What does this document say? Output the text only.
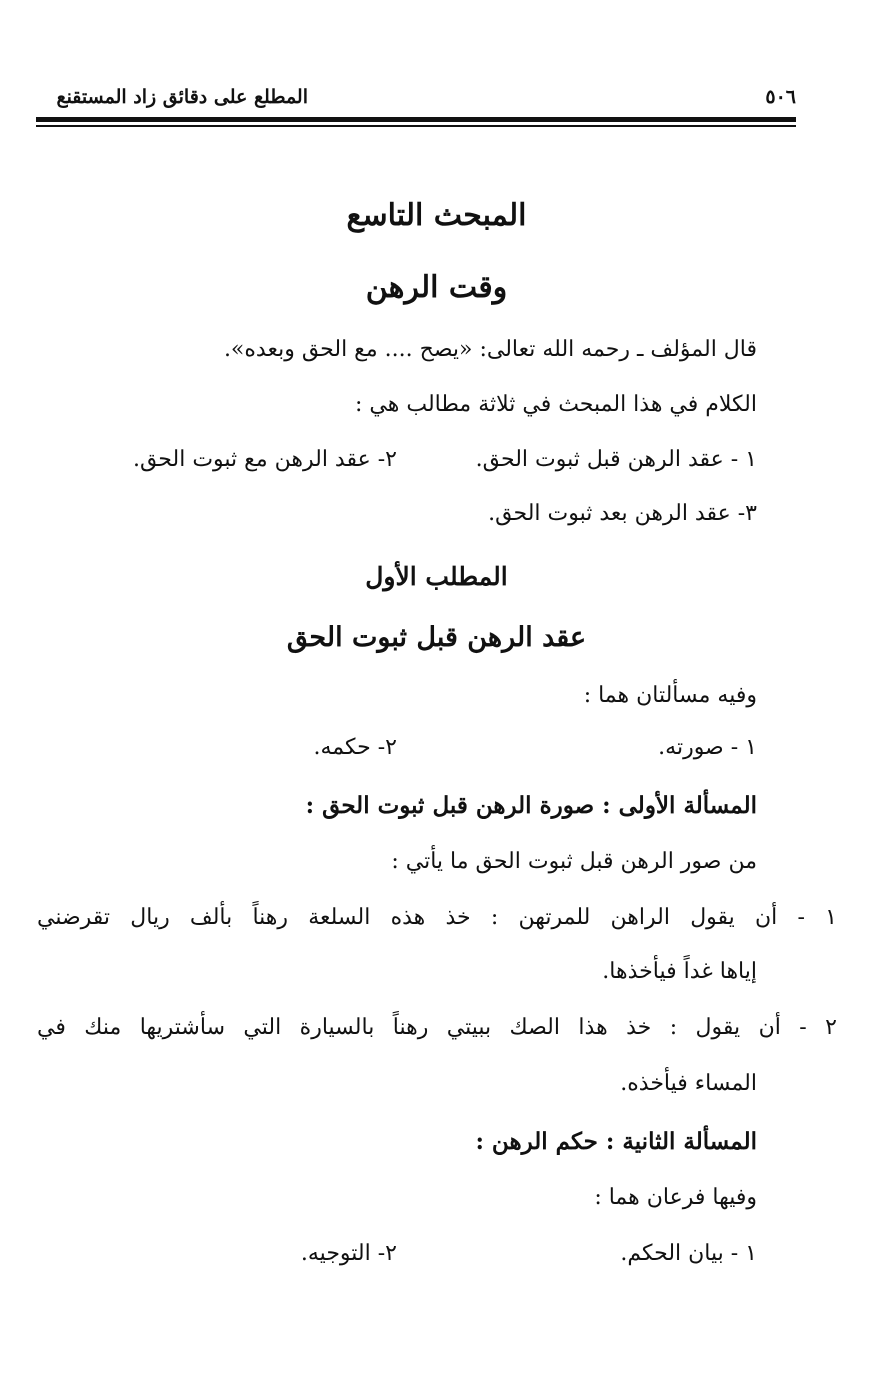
٥٠٦
المطلع على دقائق زاد المستقنع
المبحث التاسع
وقت الرهن
قال المؤلف ـ رحمه الله تعالى: «يصح .... مع الحق وبعده».
الكلام في هذا المبحث في ثلاثة مطالب هي :
١ - عقد الرهن قبل ثبوت الحق.
٢- عقد الرهن مع ثبوت الحق.
٣- عقد الرهن بعد ثبوت الحق.
المطلب الأول
عقد الرهن قبل ثبوت الحق
وفيه مسألتان هما :
١ - صورته.
٢- حكمه.
المسألة الأولى : صورة الرهن قبل ثبوت الحق :
من صور الرهن قبل ثبوت الحق ما يأتي :
١ - أن يقول الراهن للمرتهن : خذ هذه السلعة رهناً بألف ريال تقرضني
إياها غداً فيأخذها.
٢ - أن يقول : خذ هذا الصك ببيتي رهناً بالسيارة التي سأشتريها منك في
المساء فيأخذه.
المسألة الثانية : حكم الرهن :
وفيها فرعان هما :
١ - بيان الحكم.
٢- التوجيه.
